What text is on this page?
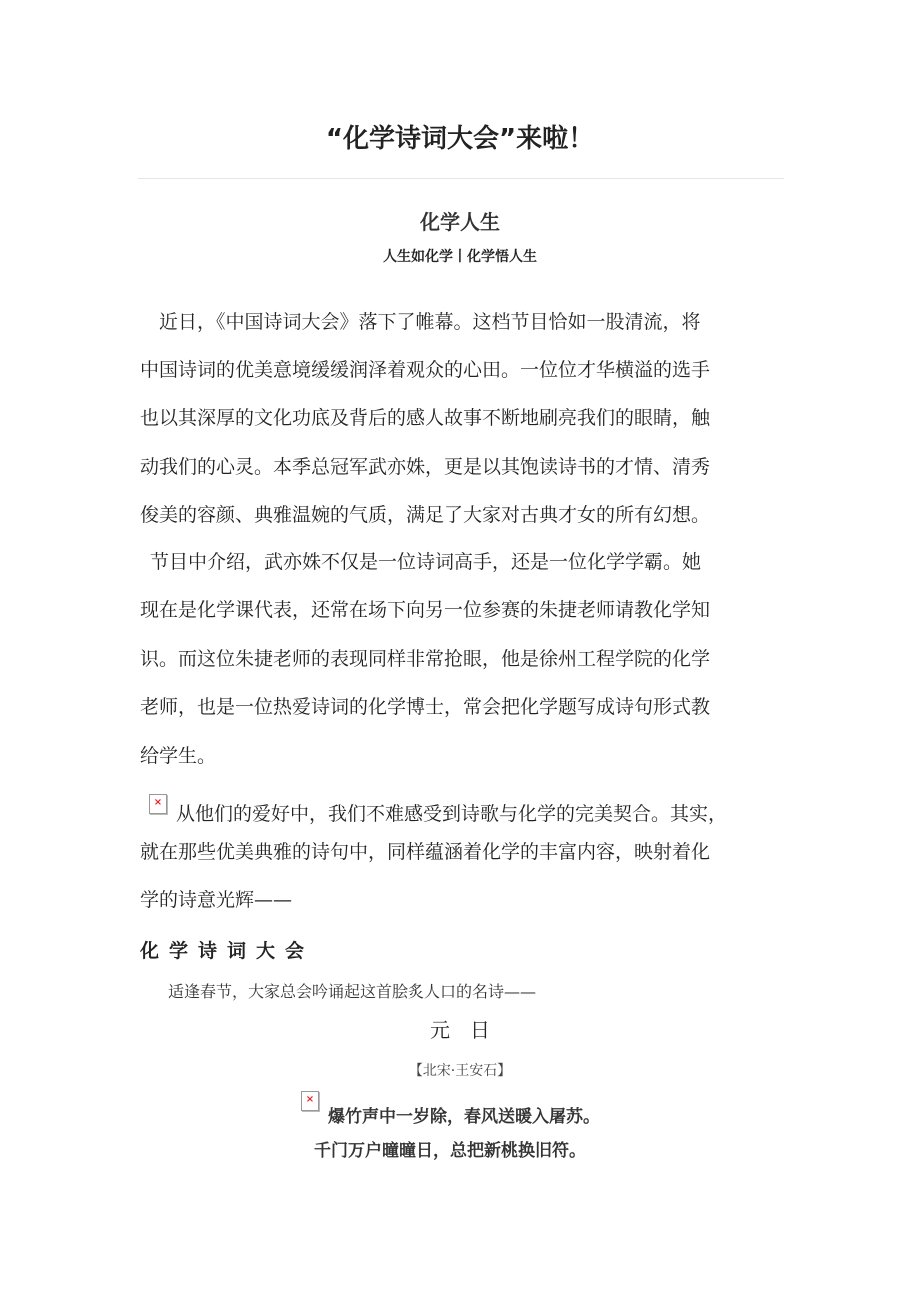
“化学诗词大会”来啦！
化学人生
人生如化学丨化学悟人生
　近日，《中国诗词大会》落下了帷幕。这档节目恰如一股清流，将
中国诗词的优美意境缓缓润泽着观众的心田。一位位才华横溢的选手
也以其深厚的文化功底及背后的感人故事不断地刷亮我们的眼睛，触
动我们的心灵。本季总冠军武亦姝，更是以其饱读诗书的才情、清秀
俊美的容颜、典雅温婉的气质，满足了大家对古典才女的所有幻想。
节目中介绍，武亦姝不仅是一位诗词高手，还是一位化学学霸。她
现在是化学课代表，还常在场下向另一位参赛的朱捷老师请教化学知
识。而这位朱捷老师的表现同样非常抢眼，他是徐州工程学院的化学
老师，也是一位热爱诗词的化学博士，常会把化学题写成诗句形式教
给学生。
×
从他们的爱好中，我们不难感受到诗歌与化学的完美契合。其实，
就在那些优美典雅的诗句中，同样蕴涵着化学的丰富内容，映射着化
学的诗意光辉——
化学诗词大会
适逢春节，大家总会吟诵起这首脍炙人口的名诗——
元　日
【北宋·王安石】
×
爆竹声中一岁除，春风送暖入屠苏。
千门万户曈曈日，总把新桃换旧符。
